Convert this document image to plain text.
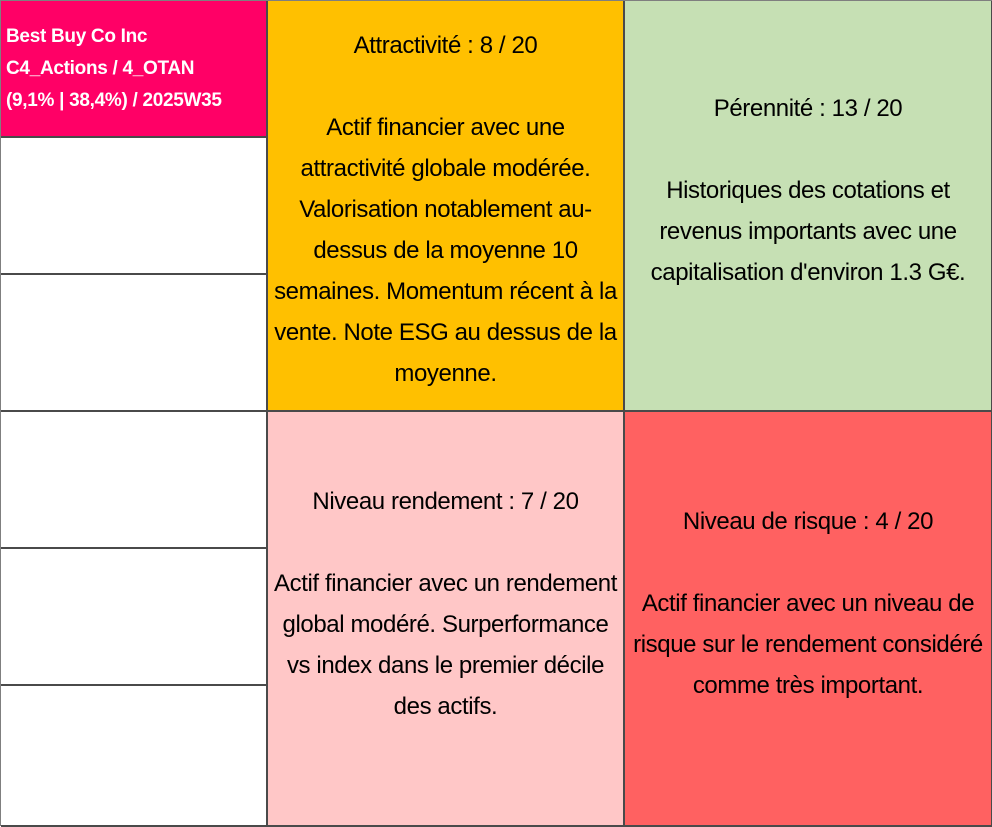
Best Buy Co Inc
C4_Actions / 4_OTAN
(9,1% | 38,4%) / 2025W35
Attractivité : 8 / 20
Actif financier avec une attractivité globale modérée. Valorisation notablement au-dessus de la moyenne 10 semaines. Momentum récent à la vente. Note ESG au dessus de la moyenne.
Pérennité : 13 / 20
Historiques des cotations et revenus importants avec une capitalisation d'environ 1.3 G€.
Niveau rendement : 7 / 20
Actif financier avec un rendement global modéré. Surperformance vs index dans le premier décile des actifs.
Niveau de risque : 4 / 20
Actif financier avec un niveau de risque sur le rendement considéré comme très important.
